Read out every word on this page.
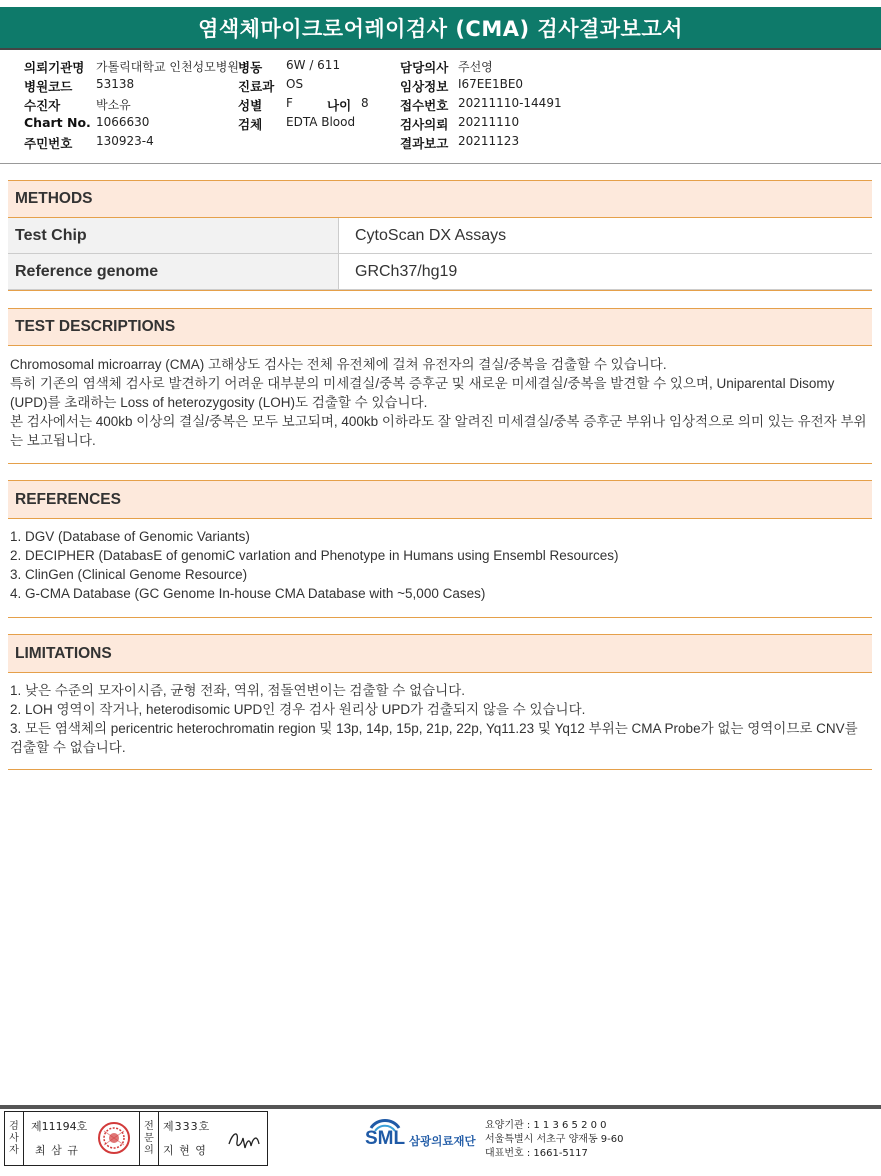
염색체마이크로어레이검사 (CMA) 검사결과보고서
의뢰기관명 가톨릭대학교 인천성모병원
병원코드 53138
수진자	박소유
Chart No. 1066630
주민번호 130923-4
병동 6W / 611
진료과 OS
성별 F	나이 8
검체 EDTA Blood
담당의사 주선영
임상정보 I67EE1BE0
접수번호 20211110-14491
검사의뢰 20211110
결과보고 20211123
METHODS
Test Chip	CytoScan DX Assays
Reference genome	GRCh37/hg19
TEST DESCRIPTIONS

Chromosomal microarray (CMA) 고해상도 검사는 전체 유전체에 걸쳐 유전자의 결실/중복을 검출할 수 있습니다.

특히 기존의 염색체 검사로 발견하기 어려운 대부분의 미세결실/중복 증후군 및 새로운 미세결실/중복을 발견할 수 있으며, Uniparental Disomy (UPD)를 초래하는 Loss of heterozygosity (LOH)도 검출할 수 있습니다.

본 검사에서는 400kb 이상의 결실/중복은 모두 보고되며, 400kb 이하라도 잘 알려진 미세결실/중복 증후군 부위나 임상적으로 의미 있는 유전자 부위는 보고됩니다.

REFERENCES

1. DGV (Database of Genomic Variants)

2. DECIPHER (DatabasE of genomiC varIation and Phenotype in Humans using Ensembl Resources)

3. ClinGen (Clinical Genome Resource)

4. G-CMA Database (GC Genome In-house CMA Database with ~5,000 Cases)

LIMITATIONS

1. 낮은 수준의 모자이시즘, 균형 전좌, 역위, 점돌연변이는 검출할 수 없습니다.

2. LOH 영역이 작거나, heterodisomic UPD인 경우 검사 원리상 UPD가 검출되지 않을 수 있습니다.

3. 모든 염색체의 pericentric heterochromatin region 및 13p, 14p, 15p, 21p, 22p, Yq11.23 및 Yq12 부위는 CMA Probe가 없는 영역이므로 CNV를 검출할 수 없습니다.

검사자
제11194호
최 삼 규
전문의
제333호
지 현 영
SML 삼광의료재단
요양기관 : 1 1 3 6 5 2 0 0
서울특별시 서초구 양재동 9-60
대표번호 : 1661-5117
